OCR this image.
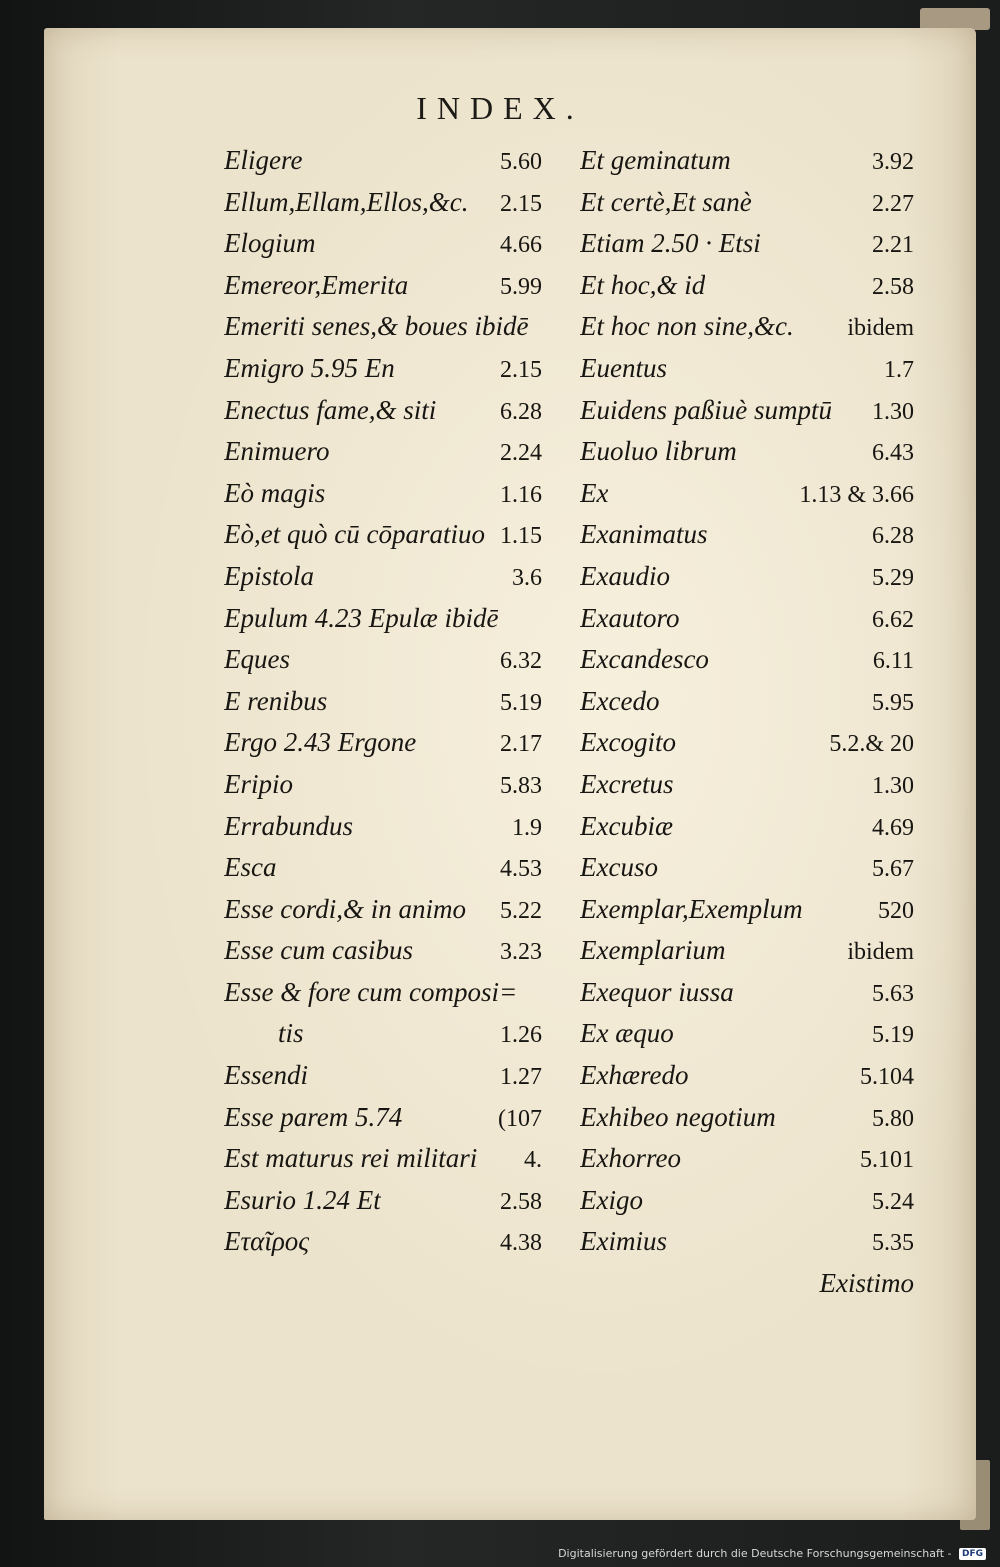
INDEX.
Eligere	5.60
Ellum,Ellam,Ellos,&c. 2.15
Elogium	4.66
Emereor,Emerita	5.99
Emeriti senes,& boues ibidē
Emigro 5.95 En	2.15
Enectus fame,& siti	6.28
Enimuero	2.24
Eò magis	1.16
Eò,et quò cū cōparatiuo 1.15
Epistola	3.6
Epulum 4.23 Epulæ ibidē
Eques	6.32
E renibus	5.19
Ergo 2.43 Ergone	2.17
Eripio	5.83
Errabundus	1.9
Esca	4.53
Esse cordi,& in animo 5.22
Esse cum casibus	3.23
Esse & fore cum composi=
tis	1.26
Essendi	1.27
Esse parem 5.74	(107
Est maturus rei militari 4.
Esurio 1.24 Et	2.58
Εταῖρος	4.38
Et geminatum	3.92
Et certè,Et sanè	2.27
Etiam 2.50 · Etsi	2.21
Et hoc,& id	2.58
Et hoc non sine,&c. ibidem
Euentus	1.7
Euidens paßiuè sumptū 1.30
Euoluo librum	6.43
Ex	1.13 & 3.66
Exanimatus	6.28
Exaudio	5.29
Exautoro	6.62
Excandesco	6.11
Excedo	5.95
Excogito	5.2.& 20
Excretus	1.30
Excubiæ	4.69
Excuso	5.67
Exemplar,Exemplum	520
Exemplarium	ibidem
Exequor iussa	5.63
Ex æquo	5.19
Exhæredo	5.104
Exhibeo negotium	5.80
Exhorreo	5.101
Exigo	5.24
Eximius	5.35
Existimo
Digitalisierung gefördert durch die Deutsche Forschungsgemeinschaft - DFG
